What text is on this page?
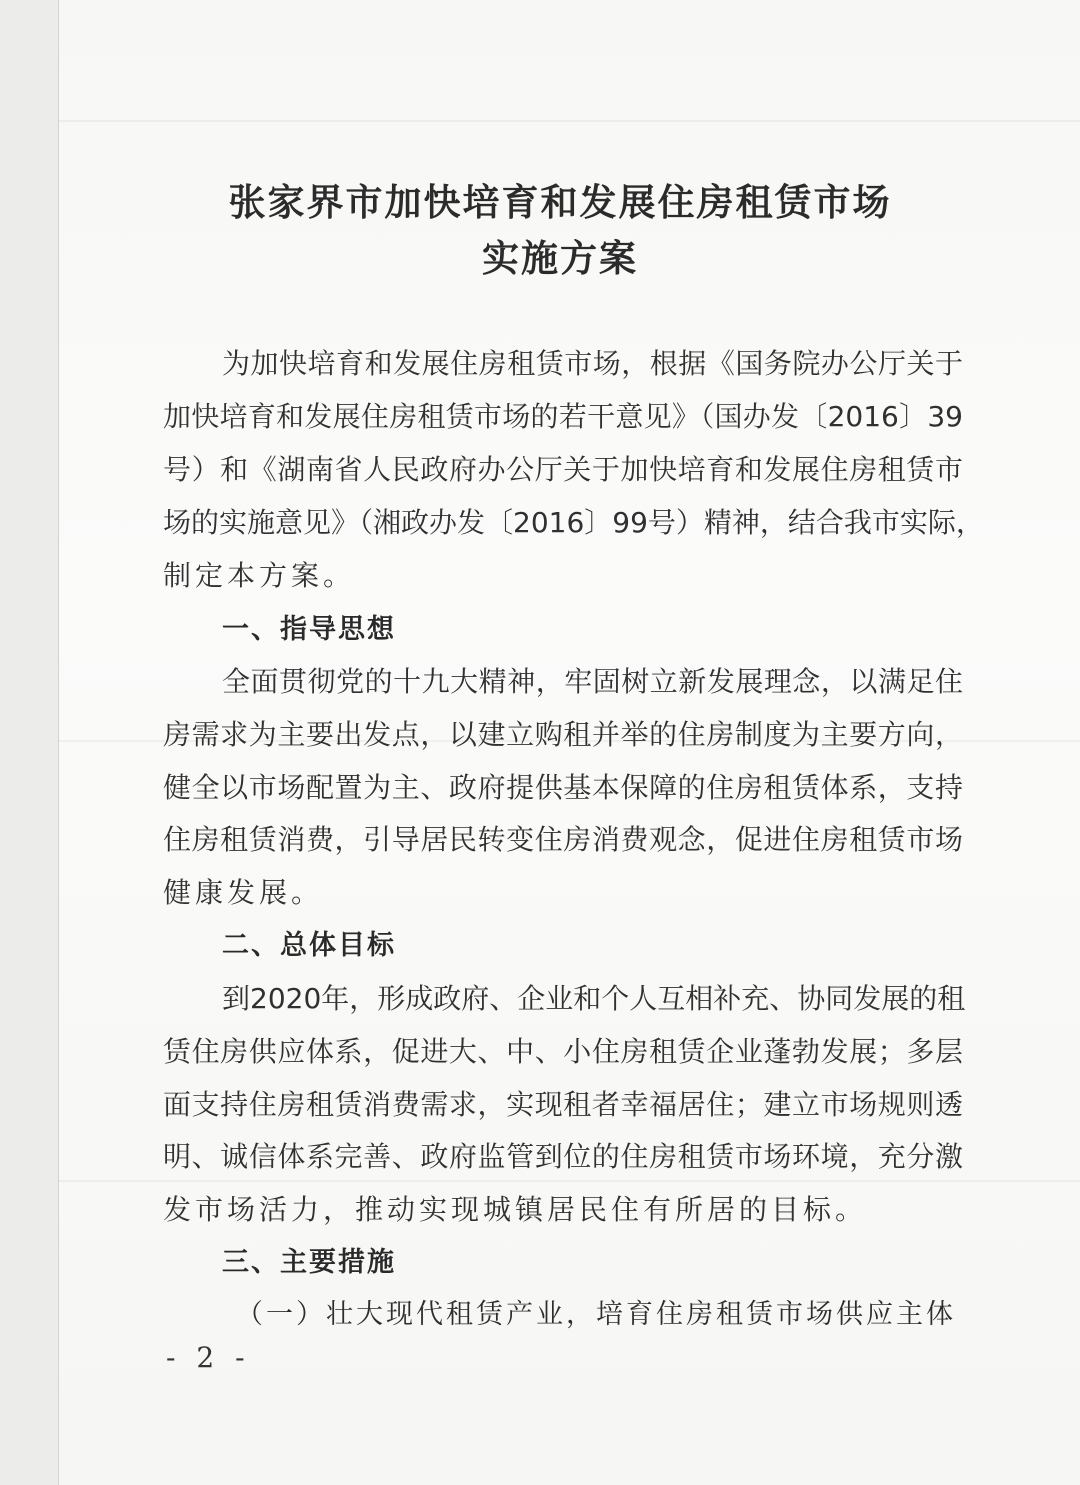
张家界市加快培育和发展住房租赁市场
实施方案
为加快培育和发展住房租赁市场，根据《国务院办公厅关于
加快培育和发展住房租赁市场的若干意见》（国办发〔2016〕39
号）和《湖南省人民政府办公厅关于加快培育和发展住房租赁市
场的实施意见》（湘政办发〔2016〕99号）精神，结合我市实际，
制定本方案。
一、指导思想
全面贯彻党的十九大精神，牢固树立新发展理念，以满足住
房需求为主要出发点，以建立购租并举的住房制度为主要方向，
健全以市场配置为主、政府提供基本保障的住房租赁体系，支持
住房租赁消费，引导居民转变住房消费观念，促进住房租赁市场
健康发展。
二、总体目标
到2020年，形成政府、企业和个人互相补充、协同发展的租
赁住房供应体系，促进大、中、小住房租赁企业蓬勃发展；多层
面支持住房租赁消费需求，实现租者幸福居住；建立市场规则透
明、诚信体系完善、政府监管到位的住房租赁市场环境，充分激
发市场活力，推动实现城镇居民住有所居的目标。
三、主要措施
（一）壮大现代租赁产业，培育住房租赁市场供应主体
- 2 -
